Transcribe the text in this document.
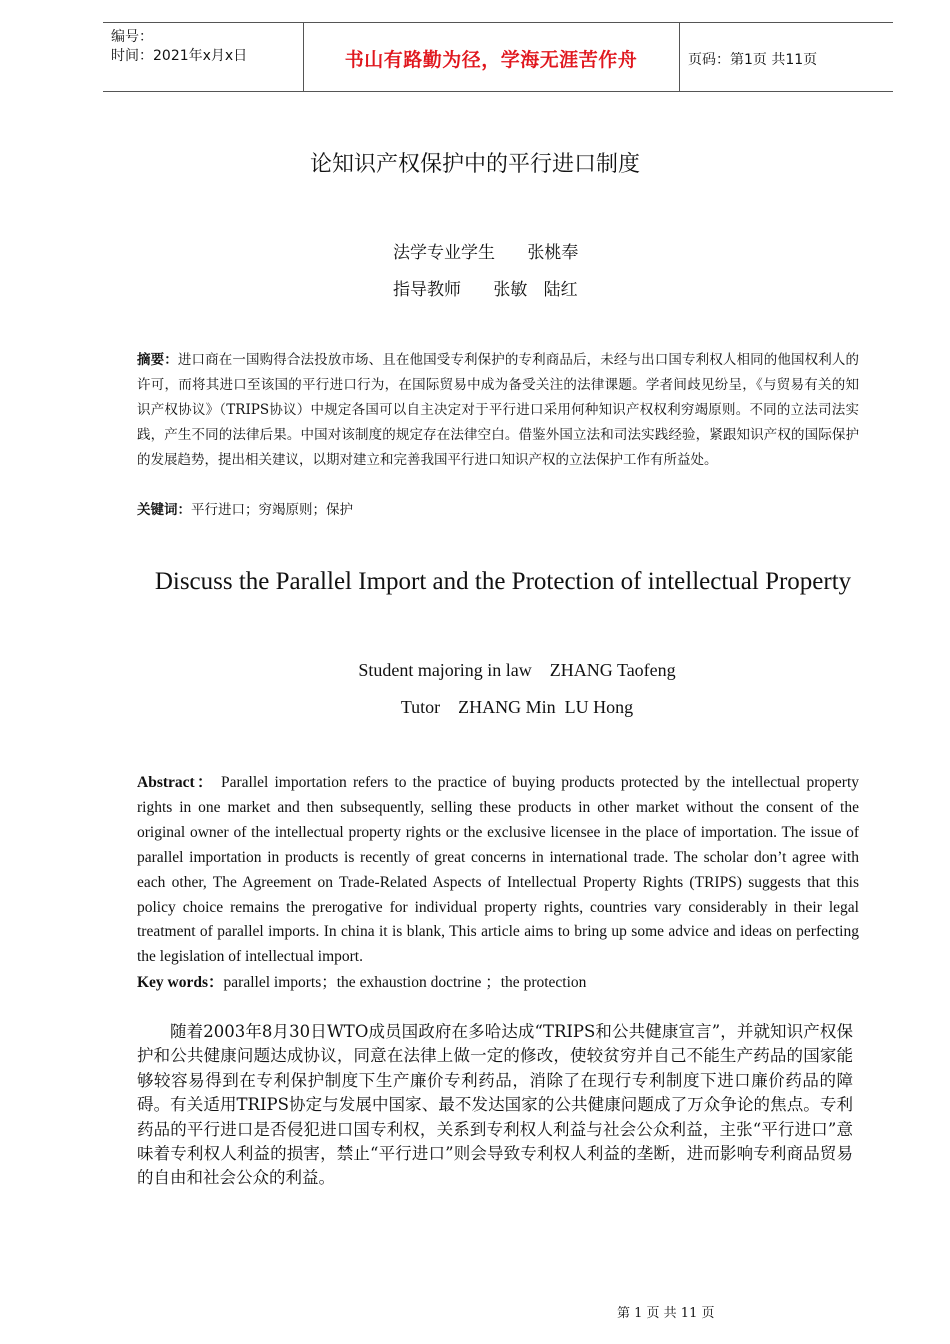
编号：
时间：2021年x月x日	书山有路勤为径，学海无涯苦作舟	页码：第1页 共11页
论知识产权保护中的平行进口制度
法学专业学生      张桃奉
指导教师      张敏   陆红
摘要：进口商在一国购得合法投放市场、且在他国受专利保护的专利商品后，未经与出口国专利权人相同的他国权利人的许可，而将其进口至该国的平行进口行为，在国际贸易中成为备受关注的法律课题。学者间歧见纷呈，《与贸易有关的知识产权协议》（TRIPS协议）中规定各国可以自主决定对于平行进口采用何种知识产权权利穷竭原则。不同的立法司法实践，产生不同的法律后果。中国对该制度的规定存在法律空白。借鉴外国立法和司法实践经验，紧跟知识产权的国际保护的发展趋势，提出相关建议，以期对建立和完善我国平行进口知识产权的立法保护工作有所益处。
关键词：平行进口；穷竭原则；保护
Discuss the Parallel Import and the Protection of intellectual Property
Student majoring in law    ZHANG Taofeng
Tutor    ZHANG Min  LU Hong
Abstract： Parallel importation refers to the practice of buying products protected by the intellectual property rights in one market and then subsequently, selling these products in other market without the consent of the original owner of the intellectual property rights or the exclusive licensee in the place of importation. The issue of parallel importation in products is recently of great concerns in international trade. The scholar don’t agree with each other, The Agreement on Trade-Related Aspects of Intellectual Property Rights (TRIPS) suggests that this policy choice remains the prerogative for individual property rights, countries vary considerably in their legal treatment of parallel imports. In china it is blank, This article aims to bring up some advice and ideas on perfecting the legislation of intellectual import.
Key words：parallel imports；the exhaustion doctrine ；the protection
随着2003年8月30日WTO成员国政府在多哈达成“TRIPS和公共健康宣言”，并就知识产权保护和公共健康问题达成协议，同意在法律上做一定的修改，使较贫穷并自己不能生产药品的国家能够较容易得到在专利保护制度下生产廉价专利药品，消除了在现行专利制度下进口廉价药品的障碍。有关适用TRIPS协定与发展中国家、最不发达国家的公共健康问题成了万众争论的焦点。专利药品的平行进口是否侵犯进口国专利权，关系到专利权人利益与社会公众利益，主张“平行进口”意味着专利权人利益的损害，禁止“平行进口”则会导致专利权人利益的垄断，进而影响专利商品贸易的自由和社会公众的利益。
第 1 页 共 11 页
